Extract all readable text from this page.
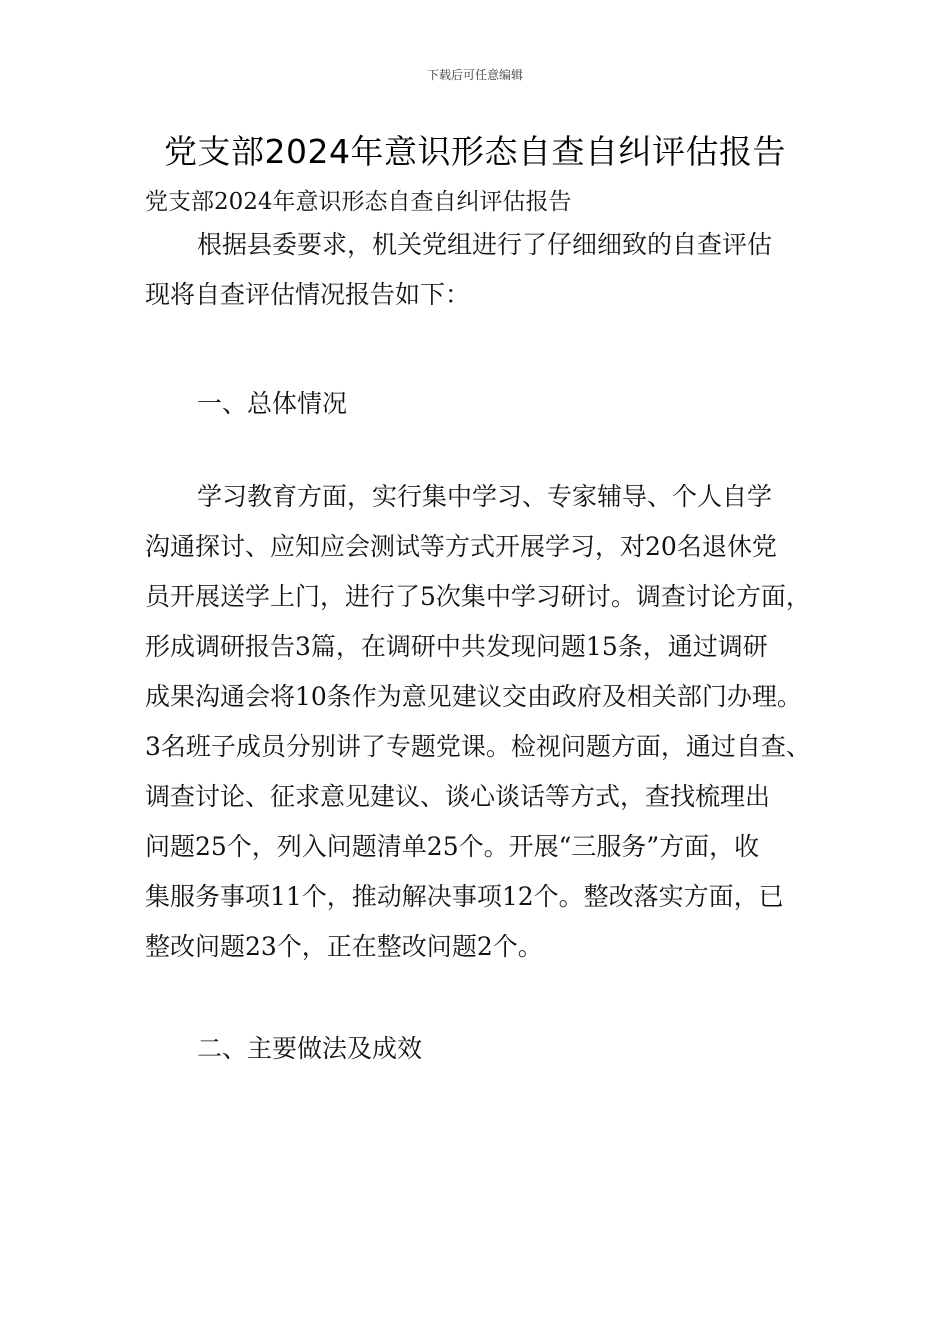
下载后可任意编辑
党支部2024年意识形态自查自纠评估报告
党支部2024年意识形态自查自纠评估报告
根据县委要求，机关党组进行了仔细细致的自查评估
现将自查评估情况报告如下：
一、总体情况
学习教育方面，实行集中学习、专家辅导、个人自学
沟通探讨、应知应会测试等方式开展学习，对20名退休党
员开展送学上门，进行了5次集中学习研讨。调查讨论方面，
形成调研报告3篇，在调研中共发现问题15条，通过调研
成果沟通会将10条作为意见建议交由政府及相关部门办理。
3名班子成员分别讲了专题党课。检视问题方面，通过自查、
调查讨论、征求意见建议、谈心谈话等方式，查找梳理出
问题25个，列入问题清单25个。开展“三服务”方面，收
集服务事项11个，推动解决事项12个。整改落实方面，已
整改问题23个，正在整改问题2个。
二、主要做法及成效
